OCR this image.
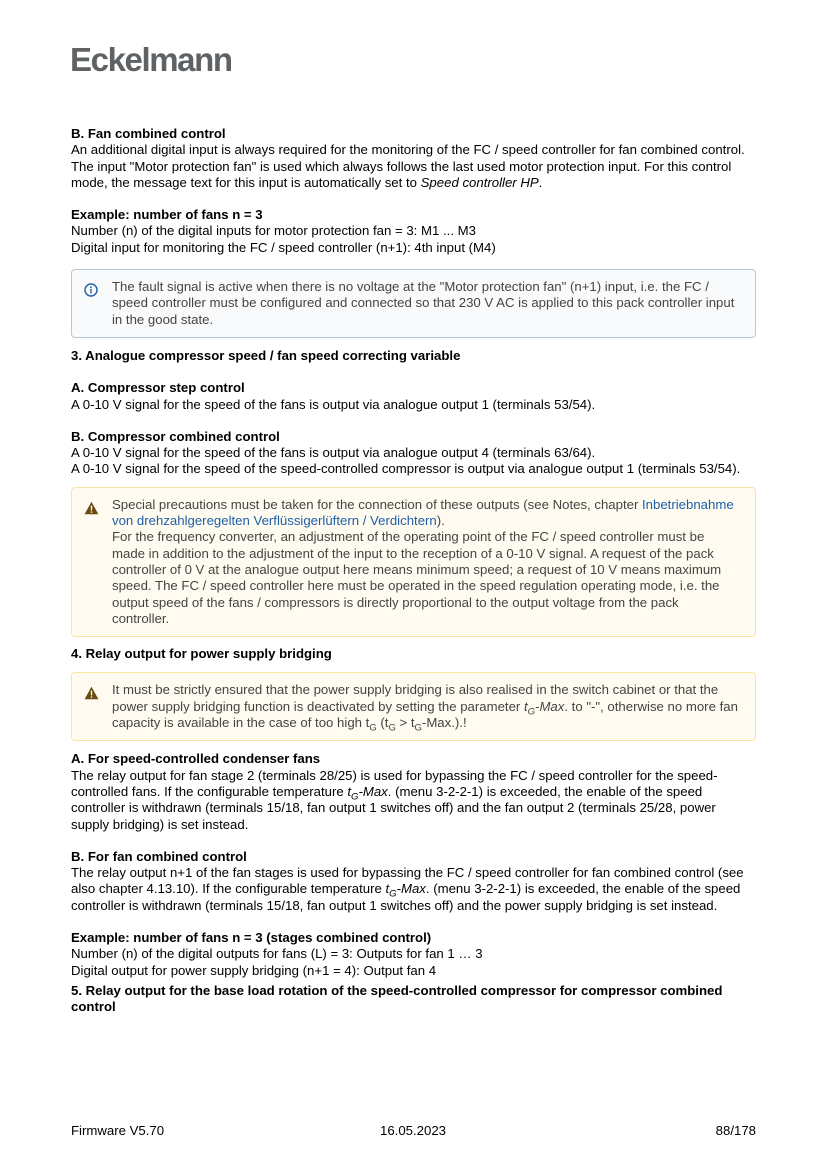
Eckelmann

B. Fan combined control

An additional digital input is always required for the monitoring of the FC / speed controller for fan combined control. The input "Motor protection fan" is used which always follows the last used motor protection input. For this control mode, the message text for this input is automatically set to Speed controller HP.

Example: number of fans n = 3

Number (n) of the digital inputs for motor protection fan = 3: M1 ... M3

Digital input for monitoring the FC / speed controller (n+1): 4th input (M4)

The fault signal is active when there is no voltage at the "Motor protection fan" (n+1) input, i.e. the FC / speed controller must be configured and connected so that 230 V AC is applied to this pack controller input in the good state.

3. Analogue compressor speed / fan speed correcting variable

A. Compressor step control

A 0-10 V signal for the speed of the fans is output via analogue output 1 (terminals 53/54).

B. Compressor combined control

A 0-10 V signal for the speed of the fans is output via analogue output 4 (terminals 63/64).

A 0-10 V signal for the speed of the speed-controlled compressor is output via analogue output 1 (terminals 53/54).

Special precautions must be taken for the connection of these outputs (see Notes, chapter Inbetriebnahme von drehzahlgeregelten Verflüssigerlüftern / Verdichtern).
For the frequency converter, an adjustment of the operating point of the FC / speed controller must be made in addition to the adjustment of the input to the reception of a 0-10 V signal. A request of the pack controller of 0 V at the analogue output here means minimum speed; a request of 10 V means maximum speed. The FC / speed controller here must be operated in the speed regulation operating mode, i.e. the output speed of the fans / compressors is directly proportional to the output voltage from the pack controller.

4. Relay output for power supply bridging

It must be strictly ensured that the power supply bridging is also realised in the switch cabinet or that the power supply bridging function is deactivated by setting the parameter $t_G$-Max. to "-", otherwise no more fan capacity is available in the case of too high $t_G$ $(t_G > t_G-Max.)$.!

A. For speed-controlled condenser fans

The relay output for fan stage 2 (terminals 28/25) is used for bypassing the FC / speed controller for the speed-controlled fans. If the configurable temperature $t_G$-Max. (menu 3-2-2-1) is exceeded, the enable of the speed controller is withdrawn (terminals 15/18, fan output 1 switches off) and the fan output 2 (terminals 25/28, power supply bridging) is set instead.

B. For fan combined control

The relay output n+1 of the fan stages is used for bypassing the FC / speed controller for fan combined control (see also chapter 4.13.10). If the configurable temperature $t_G$-Max. (menu 3-2-2-1) is exceeded, the enable of the speed controller is withdrawn (terminals 15/18, fan output 1 switches off) and the power supply bridging is set instead.

Example: number of fans n = 3 (stages combined control)

Number (n) of the digital outputs for fans (L) = 3: Outputs for fan 1 … 3

Digital output for power supply bridging (n+1 = 4): Output fan 4

5. Relay output for the base load rotation of the speed-controlled compressor for compressor combined control

Firmware V5.70	16.05.2023	88/178
